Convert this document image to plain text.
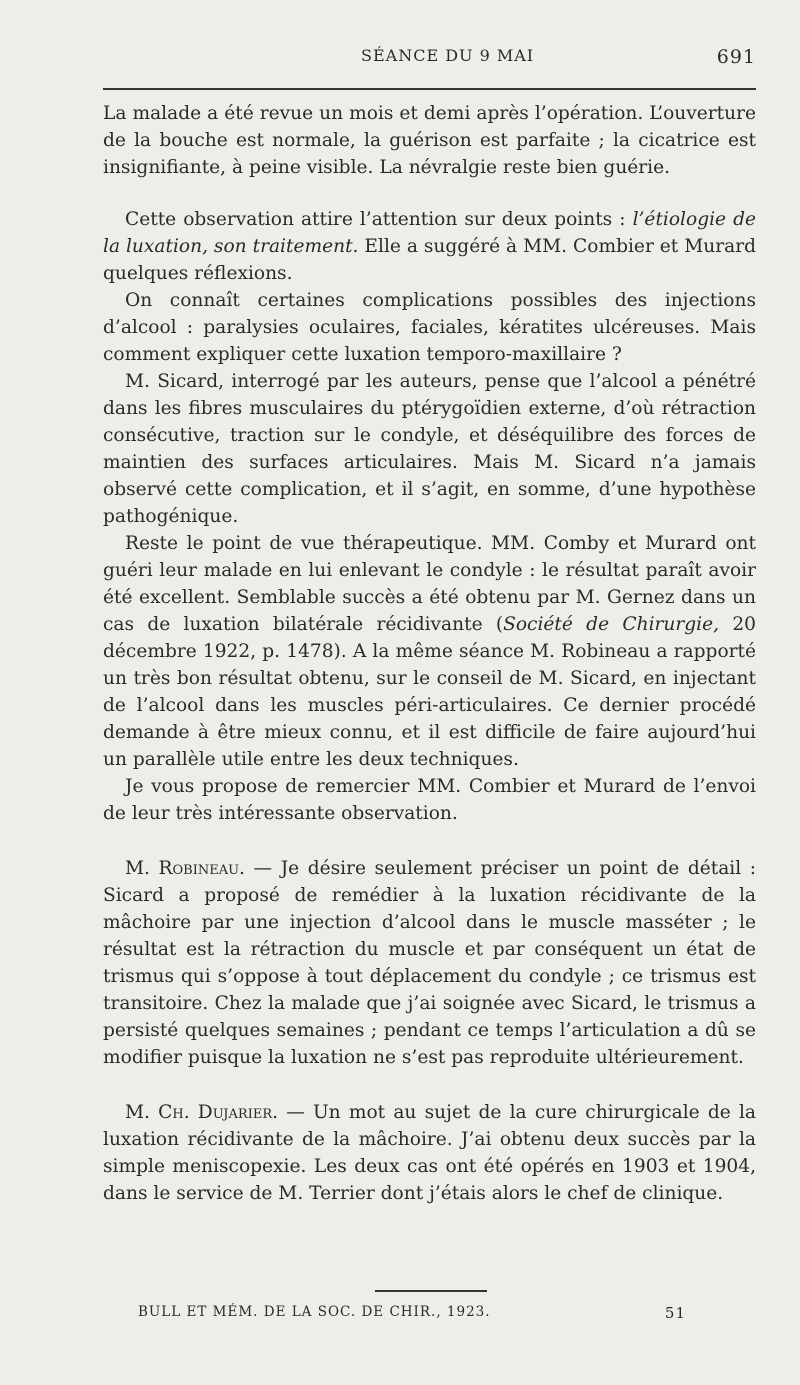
SÉANCE DU 9 MAI	691

La malade a été revue un mois et demi après l’opération. L’ouverture de la bouche est normale, la guérison est parfaite ; la cicatrice est insignifiante, à peine visible. La névralgie reste bien guérie.

Cette observation attire l’attention sur deux points : l’étiologie de la luxation, son traitement. Elle a suggéré à MM. Combier et Murard quelques réflexions.

On connaît certaines complications possibles des injections d’alcool : paralysies oculaires, faciales, kératites ulcéreuses. Mais comment expliquer cette luxation temporo-maxillaire ?

M. Sicard, interrogé par les auteurs, pense que l’alcool a pénétré dans les fibres musculaires du ptérygoïdien externe, d’où rétraction consécutive, traction sur le condyle, et déséquilibre des forces de maintien des surfaces articulaires. Mais M. Sicard n’a jamais observé cette complication, et il s’agit, en somme, d’une hypothèse pathogénique.

Reste le point de vue thérapeutique. MM. Comby et Murard ont guéri leur malade en lui enlevant le condyle : le résultat paraît avoir été excellent. Semblable succès a été obtenu par M. Gernez dans un cas de luxation bilatérale récidivante (Société de Chirurgie, 20 décembre 1922, p. 1478). A la même séance M. Robineau a rapporté un très bon résultat obtenu, sur le conseil de M. Sicard, en injectant de l’alcool dans les muscles péri-articulaires. Ce dernier procédé demande à être mieux connu, et il est difficile de faire aujourd’hui un parallèle utile entre les deux techniques.

Je vous propose de remercier MM. Combier et Murard de l’envoi de leur très intéressante observation.

M. Robineau. — Je désire seulement préciser un point de détail : Sicard a proposé de remédier à la luxation récidivante de la mâchoire par une injection d’alcool dans le muscle masséter ; le résultat est la rétraction du muscle et par conséquent un état de trismus qui s’oppose à tout déplacement du condyle ; ce trismus est transitoire. Chez la malade que j’ai soignée avec Sicard, le trismus a persisté quelques semaines ; pendant ce temps l’articulation a dû se modifier puisque la luxation ne s’est pas reproduite ultérieurement.

M. Ch. Dujarier. — Un mot au sujet de la cure chirurgicale de la luxation récidivante de la mâchoire. J’ai obtenu deux succès par la simple meniscopexie. Les deux cas ont été opérés en 1903 et 1904, dans le service de M. Terrier dont j’étais alors le chef de clinique.

BULL ET MÉM. DE LA SOC. DE CHIR., 1923.	51
